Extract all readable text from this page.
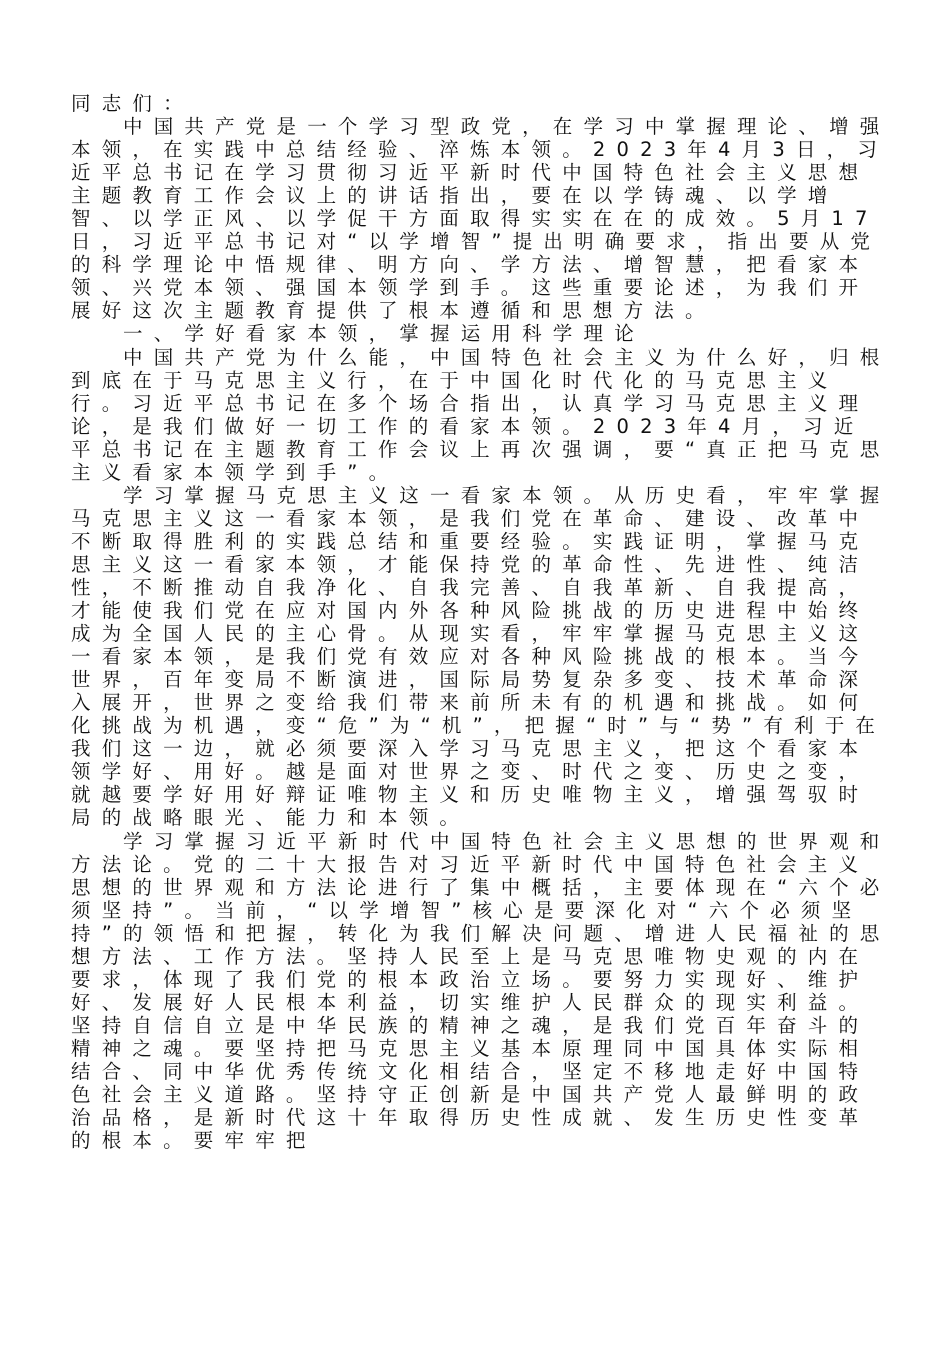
同志们：

中国共产党是一个学习型政党，在学习中掌握理论、增强本领，在实践中总结经验、淬炼本领。2023年4月3日，习近平总书记在学习贯彻习近平新时代中国特色社会主义思想主题教育工作会议上的讲话指出，要在以学铸魂、以学增智、以学正风、以学促干方面取得实实在在的成效。5月17日，习近平总书记对“以学增智”提出明确要求，指出要从党的科学理论中悟规律、明方向、学方法、增智慧，把看家本领、兴党本领、强国本领学到手。这些重要论述，为我们开展好这次主题教育提供了根本遵循和思想方法。

一、学好看家本领，掌握运用科学理论

中国共产党为什么能，中国特色社会主义为什么好，归根到底在于马克思主义行，在于中国化时代化的马克思主义行。习近平总书记在多个场合指出，认真学习马克思主义理论，是我们做好一切工作的看家本领。2023年4月，习近平总书记在主题教育工作会议上再次强调，要“真正把马克思主义看家本领学到手”。

学习掌握马克思主义这一看家本领。从历史看，牢牢掌握马克思主义这一看家本领，是我们党在革命、建设、改革中不断取得胜利的实践总结和重要经验。实践证明，掌握马克思主义这一看家本领，才能保持党的革命性、先进性、纯洁性，不断推动自我净化、自我完善、自我革新、自我提高，才能使我们党在应对国内外各种风险挑战的历史进程中始终成为全国人民的主心骨。从现实看，牢牢掌握马克思主义这一看家本领，是我们党有效应对各种风险挑战的根本。当今世界，百年变局不断演进，国际局势复杂多变、技术革命深入展开，世界之变给我们带来前所未有的机遇和挑战。如何化挑战为机遇，变“危”为“机”，把握“时”与“势”有利于在我们这一边，就必须要深入学习马克思主义，把这个看家本领学好、用好。越是面对世界之变、时代之变、历史之变，就越要学好用好辩证唯物主义和历史唯物主义，增强驾驭时局的战略眼光、能力和本领。

学习掌握习近平新时代中国特色社会主义思想的世界观和方法论。党的二十大报告对习近平新时代中国特色社会主义思想的世界观和方法论进行了集中概括，主要体现在“六个必须坚持”。当前，“以学增智”核心是要深化对“六个必须坚持”的领悟和把握，转化为我们解决问题、增进人民福祉的思想方法、工作方法。坚持人民至上是马克思唯物史观的内在要求，体现了我们党的根本政治立场。要努力实现好、维护好、发展好人民根本利益，切实维护人民群众的现实利益。坚持自信自立是中华民族的精神之魂，是我们党百年奋斗的精神之魂。要坚持把马克思主义基本原理同中国具体实际相结合、同中华优秀传统文化相结合，坚定不移地走好中国特色社会主义道路。坚持守正创新是中国共产党人最鲜明的政治品格，是新时代这十年取得历史性成就、发生历史性变革的根本。要牢牢把
